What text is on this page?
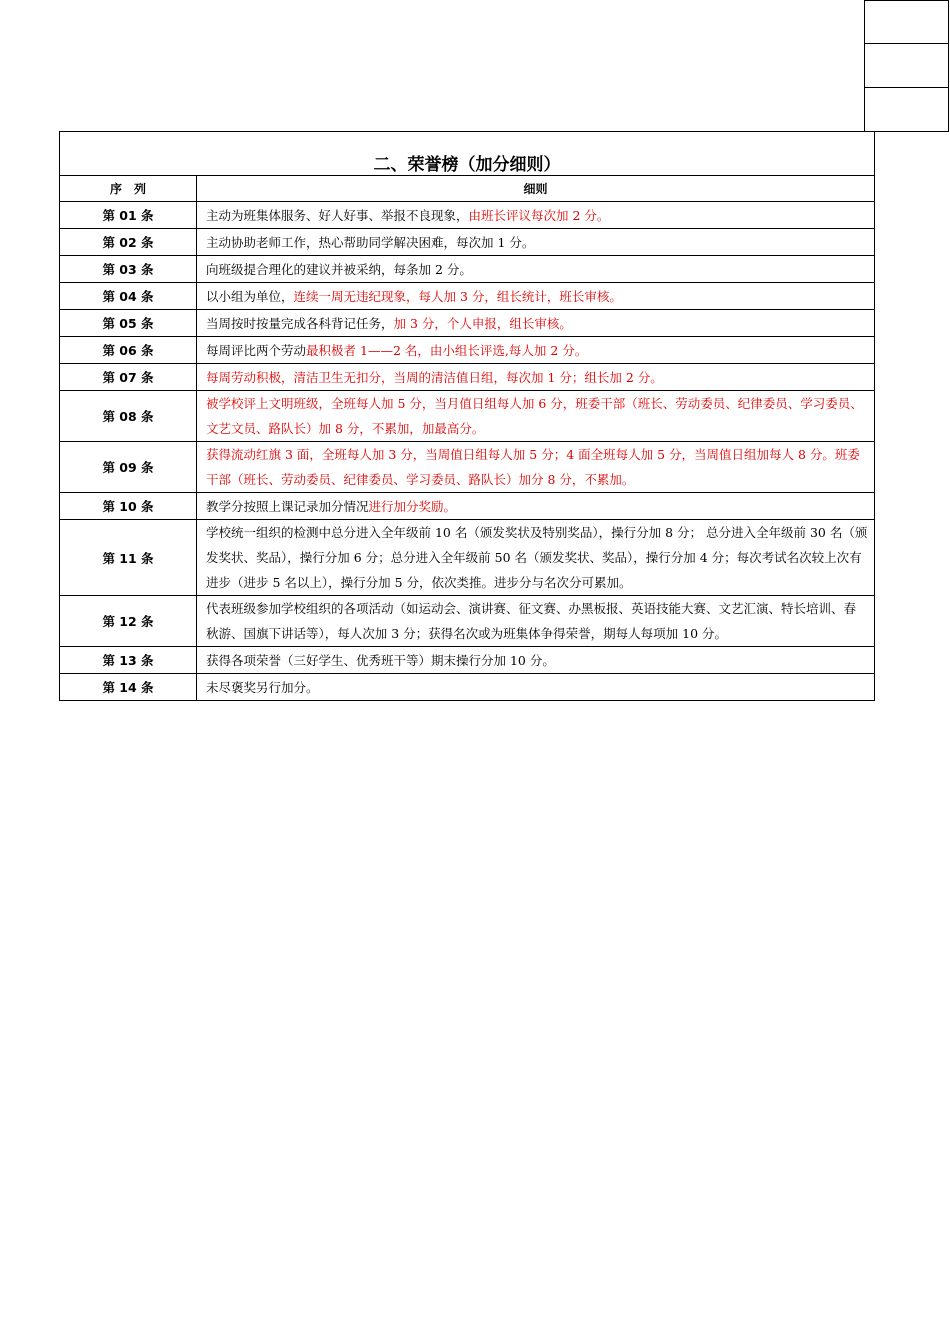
二、荣誉榜（加分细则）	
序　列	细则
第 01 条	主动为班集体服务、好人好事、举报不良现象，由班长评议每次加 2 分。
第 02 条	主动协助老师工作，热心帮助同学解决困难，每次加 1 分。
第 03 条	向班级提合理化的建议并被采纳，每条加 2 分。
第 04 条	以小组为单位，连续一周无违纪现象，每人加 3 分，组长统计，班长审核。
第 05 条	当周按时按量完成各科背记任务，加 3 分，个人申报，组长审核。
第 06 条	每周评比两个劳动最积极者 1——2 名，由小组长评选,每人加 2 分。
第 07 条	每周劳动积极，清洁卫生无扣分，当周的清洁值日组，每次加 1 分；组长加 2 分。
第 08 条	被学校评上文明班级，全班每人加 5 分，当月值日组每人加 6 分，班委干部（班长、劳动委员、纪律委员、学习委员、文艺文员、路队长）加 8 分，不累加，加最高分。
第 09 条	获得流动红旗 3 面，全班每人加 3 分，当周值日组每人加 5 分；4 面全班每人加 5 分，当周值日组加每人 8 分。班委干部（班长、劳动委员、纪律委员、学习委员、路队长）加分 8 分，不累加。
第 10 条	教学分按照上课记录加分情况进行加分奖励。
第 11 条	学校统一组织的检测中总分进入全年级前 10 名（颁发奖状及特别奖品），操行分加 8 分； 总分进入全年级前 30 名（颁发奖状、奖品），操行分加 6 分；总分进入全年级前 50 名（颁发奖状、奖品），操行分加 4 分；每次考试名次较上次有进步（进步 5 名以上），操行分加 5 分，依次类推。进步分与名次分可累加。
第 12 条	代表班级参加学校组织的各项活动（如运动会、演讲赛、征文赛、办黑板报、英语技能大赛、文艺汇演、特长培训、春秋游、国旗下讲话等），每人次加 3 分；获得名次或为班集体争得荣誉，期每人每项加 10 分。
第 13 条	获得各项荣誉（三好学生、优秀班干等）期末操行分加 10 分。
第 14 条	未尽褒奖另行加分。
